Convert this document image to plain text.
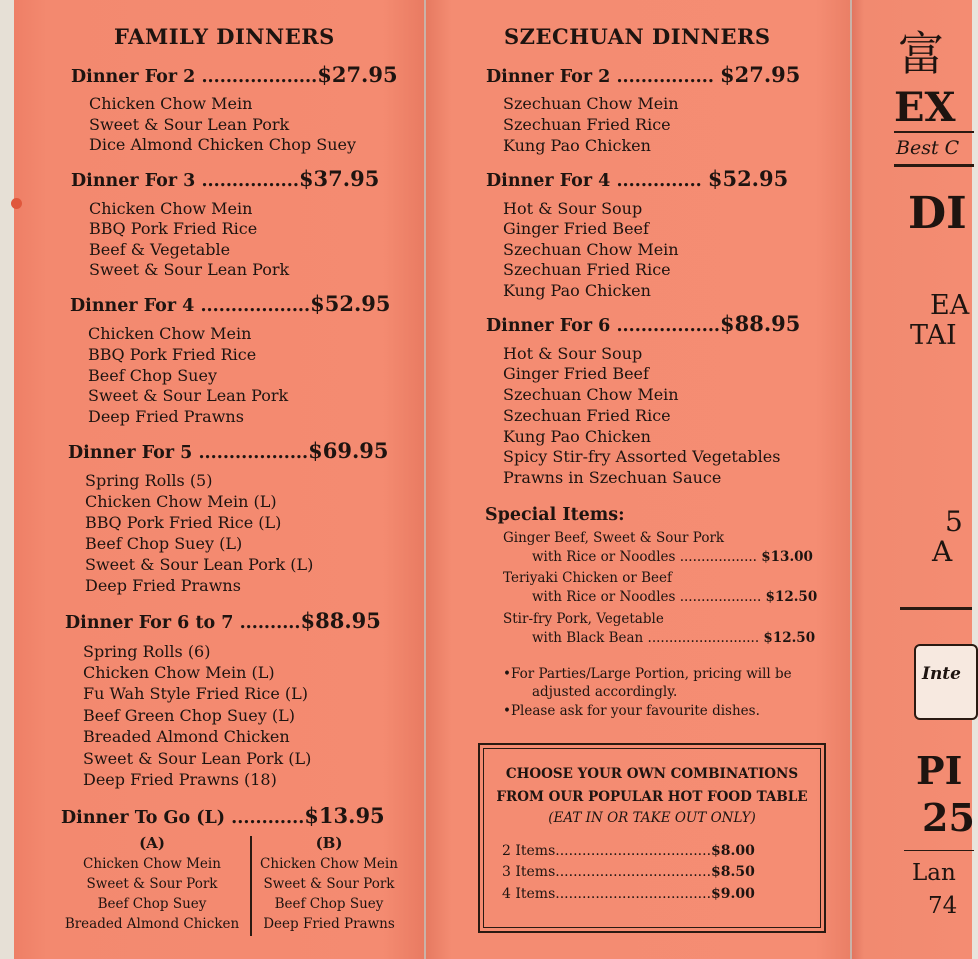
FAMILY DINNERS
Dinner For 2 ...................$27.95
Chicken Chow Mein
Sweet & Sour Lean Pork
Dice Almond Chicken Chop Suey
Dinner For 3 ................$37.95
Chicken Chow Mein
BBQ Pork Fried Rice
Beef & Vegetable
Sweet & Sour Lean Pork
Dinner For 4 ..................$52.95
Chicken Chow Mein
BBQ Pork Fried Rice
Beef Chop Suey
Sweet & Sour Lean Pork
Deep Fried Prawns
Dinner For 5 ..................$69.95
Spring Rolls (5)
Chicken Chow Mein (L)
BBQ Pork Fried Rice (L)
Beef Chop Suey (L)
Sweet & Sour Lean Pork (L)
Deep Fried Prawns
Dinner For 6 to 7 ..........$88.95
Spring Rolls (6)
Chicken Chow Mein (L)
Fu Wah Style Fried Rice (L)
Beef Green Chop Suey (L)
Breaded Almond Chicken
Sweet & Sour Lean Pork (L)
Deep Fried Prawns (18)
Dinner To Go (L) ............$13.95
(A)
Chicken Chow Mein
Sweet & Sour Pork
Beef Chop Suey
Breaded Almond Chicken
(B)
Chicken Chow Mein
Sweet & Sour Pork
Beef Chop Suey
Deep Fried Prawns
SZECHUAN DINNERS
Dinner For 2 ................ $27.95
Szechuan Chow Mein
Szechuan Fried Rice
Kung Pao Chicken
Dinner For 4 .............. $52.95
Hot & Sour Soup
Ginger Fried Beef
Szechuan Chow Mein
Szechuan Fried Rice
Kung Pao Chicken
Dinner For 6 .................$88.95
Hot & Sour Soup
Ginger Fried Beef
Szechuan Chow Mein
Szechuan Fried Rice
Kung Pao Chicken
Spicy Stir-fry Assorted Vegetables
Prawns in Szechuan Sauce
Special Items:
Ginger Beef, Sweet & Sour Pork
with Rice or Noodles .................. $13.00
Teriyaki Chicken or Beef
with Rice or Noodles ................... $12.50
Stir-fry Pork, Vegetable
with Black Bean .......................... $12.50
•For Parties/Large Portion, pricing will be
adjusted accordingly.
•Please ask for your favourite dishes.
CHOOSE YOUR OWN COMBINATIONS
FROM OUR POPULAR HOT FOOD TABLE
(EAT IN OR TAKE OUT ONLY)
2 Items...................................$8.00
3 Items...................................$8.50
4 Items...................................$9.00
富
EX
Best C
DI
EA
TAI
5
A
Inte
PI
25
Lan
74
